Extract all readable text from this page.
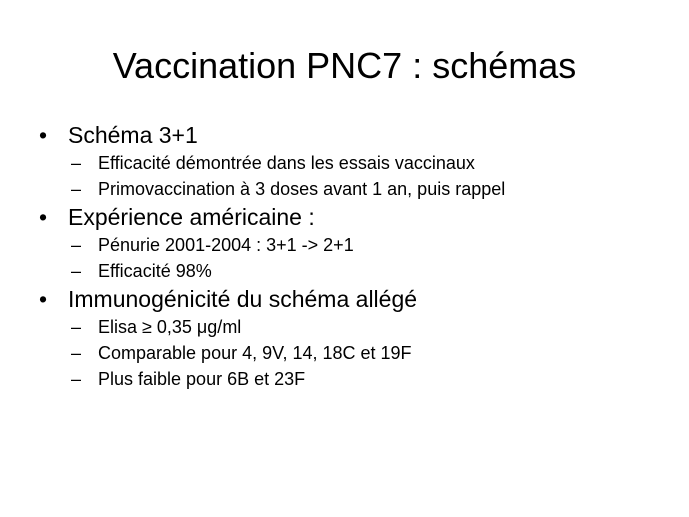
Vaccination PNC7 : schémas
• Schéma 3+1
– Efficacité démontrée dans les essais vaccinaux
– Primovaccination à 3 doses avant 1 an, puis rappel
• Expérience américaine :
– Pénurie 2001-2004 : 3+1 -> 2+1
– Efficacité 98%
• Immunogénicité du schéma allégé
– Elisa ≥ 0,35 μg/ml
– Comparable pour 4, 9V, 14, 18C et 19F
– Plus faible pour 6B et 23F
